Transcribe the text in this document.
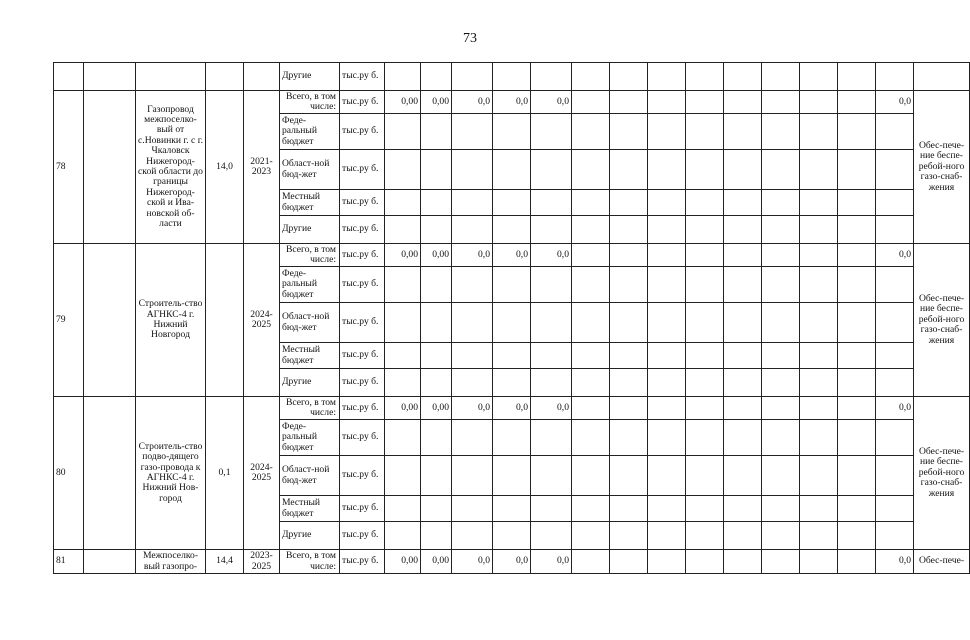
73
					Другие	тыс.ру б.															
78		Газопровод межпоселко-вый от с.Новинки г. с г. Чкаловск Нижегород-ской области до границы Нижегород-ской и Ива-новской об-ласти	14,0	2021-2023	Всего, в том числе:	тыс.ру б.	0,00	0,00	0,0	0,0	0,0									0,0	Обес-пече-ние беспе-ребой-ного газо-снаб-жения
					Феде-ральный бюджет	тыс.ру б.															
					Област-ной бюд-жет	тыс.ру б.															
					Местный бюджет	тыс.ру б.															
					Другие	тыс.ру б.															
79		Строитель-ство АГНКС-4 г. Нижний Новгород		2024-2025	Всего, в том числе:	тыс.ру б.	0,00	0,00	0,0	0,0	0,0									0,0	Обес-пече-ние беспе-ребой-ного газо-снаб-жения
					Феде-ральный бюджет	тыс.ру б.															
					Област-ной бюд-жет	тыс.ру б.															
					Местный бюджет	тыс.ру б.															
					Другие	тыс.ру б.															
80		Строитель-ство подво-дящего газо-провода к АГНКС-4 г. Нижний Нов-город	0,1	2024-2025	Всего, в том числе:	тыс.ру б.	0,00	0,00	0,0	0,0	0,0									0,0	Обес-пече-ние беспе-ребой-ного газо-снаб-жения
					Феде-ральный бюджет	тыс.ру б.															
					Област-ной бюд-жет	тыс.ру б.															
					Местный бюджет	тыс.ру б.															
					Другие	тыс.ру б.															
81		Межпоселко-вый газопро-	14,4	2023-2025	Всего, в том числе:	тыс.ру б.	0,00	0,00	0,0	0,0	0,0									0,0	Обес-пече-
